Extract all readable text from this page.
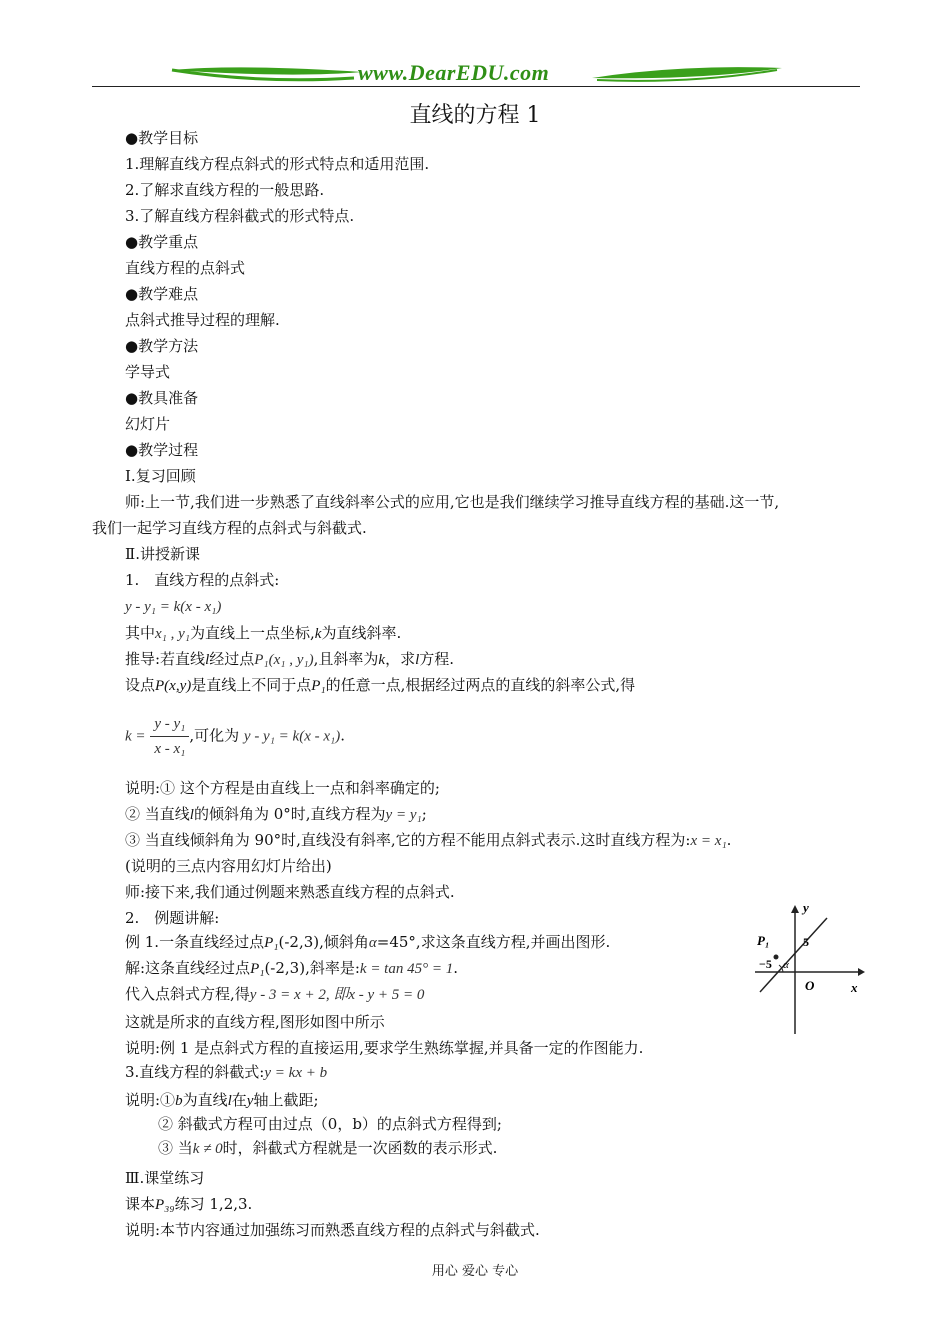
www.DearEDU.com
直线的方程 1
●教学目标
1.理解直线方程点斜式的形式特点和适用范围.
2.了解求直线方程的一般思路.
3.了解直线方程斜截式的形式特点.
●教学重点
直线方程的点斜式
●教学难点
点斜式推导过程的理解.
●教学方法
学导式
●教具准备
幻灯片
●教学过程
Ⅰ.复习回顾
师:上一节,我们进一步熟悉了直线斜率公式的应用,它也是我们继续学习推导直线方程的基础.这一节,
我们一起学习直线方程的点斜式与斜截式.
Ⅱ.讲授新课
1.　直线方程的点斜式:
y - y₁ = k(x - x₁)
其中x₁ , y₁为直线上一点坐标,k为直线斜率.
推导:若直线l经过点P₁(x₁ , y₁),且斜率为k，求l方程.
设点P(x,y)是直线上不同于点P₁的任意一点,根据经过两点的直线的斜率公式,得
$k = \frac{\text{y - y₁}}{\text{x - x₁}}$ ,可化为 y - y₁ = k(x - x₁).
说明:① 这个方程是由直线上一点和斜率确定的;
② 当直线l的倾斜角为 0°时,直线方程为y = y₁;
③ 当直线倾斜角为 90°时,直线没有斜率,它的方程不能用点斜式表示.这时直线方程为:x = x₁.
(说明的三点内容用幻灯片给出)
师:接下来,我们通过例题来熟悉直线方程的点斜式.
2.　例题讲解:
例 1.一条直线经过点P₁(-2,3),倾斜角α=45°,求这条直线方程,并画出图形.
解:这条直线经过点P₁(-2,3),斜率是:k = tan 45° = 1.
代入点斜式方程,得y - 3 = x + 2, 即x - y + 5 = 0
这就是所求的直线方程,图形如图中所示
说明:例 1 是点斜式方程的直接运用,要求学生熟练掌握,并具备一定的作图能力.
3.直线方程的斜截式:y = kx + b
说明:①b为直线l在y轴上截距;
② 斜截式方程可由过点（0，b）的点斜式方程得到;
③ 当k ≠ 0时，斜截式方程就是一次函数的表示形式.
Ⅲ.课堂练习
课本P₃₉练习 1,2,3.
说明:本节内容通过加强练习而熟悉直线方程的点斜式与斜截式.
y
x
O
P₁
−5
5
α
用心 爱心 专心
